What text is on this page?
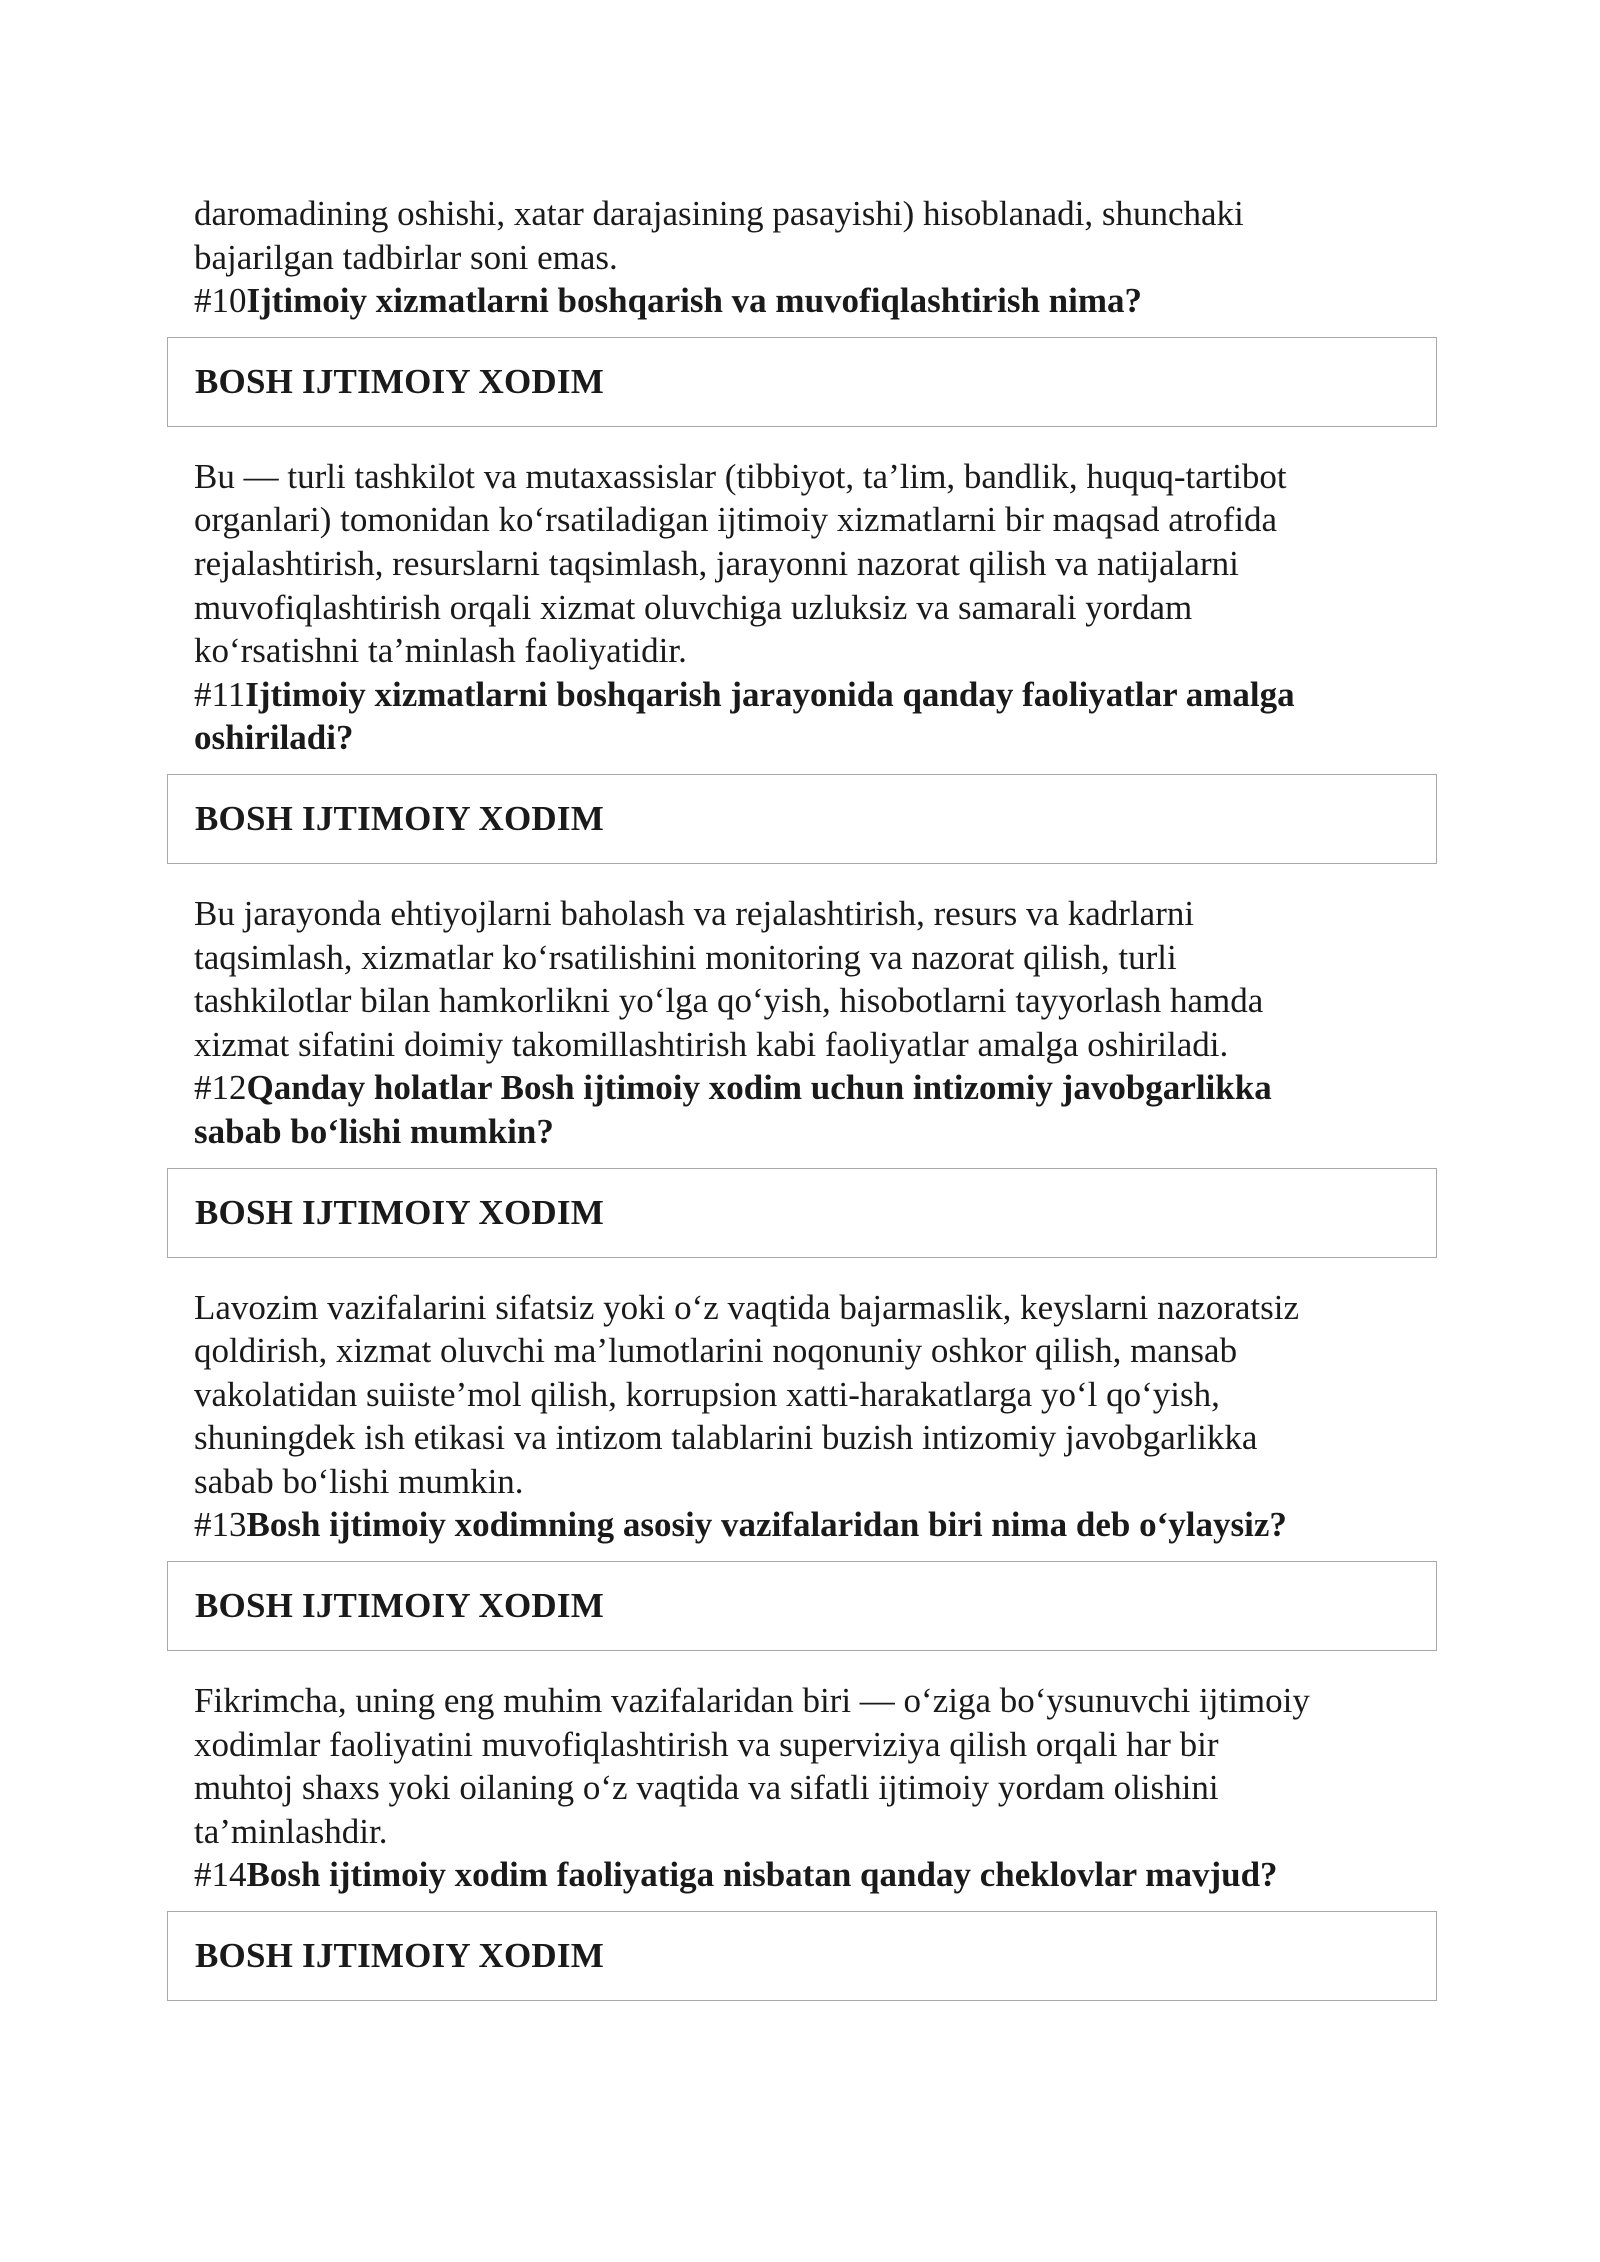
daromadining oshishi, xatar darajasining pasayishi) hisoblanadi, shunchaki
bajarilgan tadbirlar soni emas.

#10Ijtimoiy xizmatlarni boshqarish va muvofiqlashtirish nima?

BOSH IJTIMOIY XODIM

Bu — turli tashkilot va mutaxassislar (tibbiyot, ta’lim, bandlik, huquq-tartibot
organlari) tomonidan koʻrsatiladigan ijtimoiy xizmatlarni bir maqsad atrofida
rejalashtirish, resurslarni taqsimlash, jarayonni nazorat qilish va natijalarni
muvofiqlashtirish orqali xizmat oluvchiga uzluksiz va samarali yordam
koʻrsatishni ta’minlash faoliyatidir.

#11Ijtimoiy xizmatlarni boshqarish jarayonida qanday faoliyatlar amalga
oshiriladi?

BOSH IJTIMOIY XODIM

Bu jarayonda ehtiyojlarni baholash va rejalashtirish, resurs va kadrlarni
taqsimlash, xizmatlar koʻrsatilishini monitoring va nazorat qilish, turli
tashkilotlar bilan hamkorlikni yoʻlga qoʻyish, hisobotlarni tayyorlash hamda
xizmat sifatini doimiy takomillashtirish kabi faoliyatlar amalga oshiriladi.

#12Qanday holatlar Bosh ijtimoiy xodim uchun intizomiy javobgarlikka
sabab boʻlishi mumkin?

BOSH IJTIMOIY XODIM

Lavozim vazifalarini sifatsiz yoki oʻz vaqtida bajarmaslik, keyslarni nazoratsiz
qoldirish, xizmat oluvchi ma’lumotlarini noqonuniy oshkor qilish, mansab
vakolatidan suiiste’mol qilish, korrupsion xatti-harakatlarga yoʻl qoʻyish,
shuningdek ish etikasi va intizom talablarini buzish intizomiy javobgarlikka
sabab boʻlishi mumkin.

#13Bosh ijtimoiy xodimning asosiy vazifalaridan biri nima deb oʻylaysiz?

BOSH IJTIMOIY XODIM

Fikrimcha, uning eng muhim vazifalaridan biri — oʻziga boʻysunuvchi ijtimoiy
xodimlar faoliyatini muvofiqlashtirish va superviziya qilish orqali har bir
muhtoj shaxs yoki oilaning oʻz vaqtida va sifatli ijtimoiy yordam olishini
ta’minlashdir.

#14Bosh ijtimoiy xodim faoliyatiga nisbatan qanday cheklovlar mavjud?

BOSH IJTIMOIY XODIM
